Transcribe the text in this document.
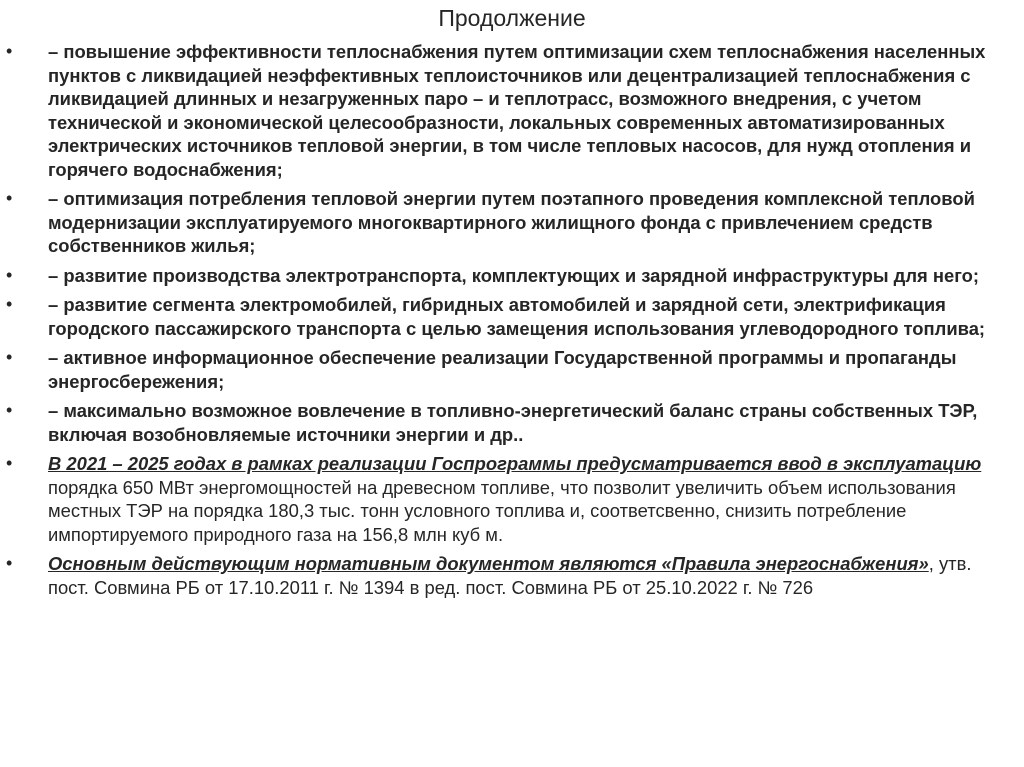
Продолжение
• – повышение эффективности теплоснабжения путем оптимизации схем теплоснабжения населенных пунктов с ликвидацией неэффективных теплоисточников или децентрализацией теплоснабжения с ликвидацией длинных и незагруженных паро – и теплотрасс, возможного внедрения, с учетом технической и экономической целесообразности, локальных современных автоматизированных электрических источников тепловой энергии, в том числе тепловых насосов, для нужд отопления и горячего водоснабжения;
• – оптимизация потребления тепловой энергии путем поэтапного проведения комплексной тепловой модернизации эксплуатируемого многоквартирного жилищного фонда с привлечением средств собственников жилья;
• – развитие производства электротранспорта, комплектующих и зарядной инфраструктуры для него;
• – развитие сегмента электромобилей, гибридных автомобилей и зарядной сети, электрификация городского пассажирского транспорта с целью замещения использования углеводородного топлива;
• – активное информационное обеспечение реализации Государственной программы и пропаганды энергосбережения;
• – максимально возможное вовлечение в топливно-энергетический баланс страны собственных ТЭР, включая возобновляемые источники энергии и др..
• В 2021 – 2025 годах в рамках реализации Госпрограммы предусматривается ввод в эксплуатацию порядка 650 МВт энергомощностей на древесном топливе, что позволит увеличить объем использования местных ТЭР на порядка 180,3 тыс. тонн условного топлива и, соответсвенно, снизить потребление импортируемого природного газа на 156,8 млн куб м.
• Основным действующим нормативным документом являются «Правила энергоснабжения», утв. пост. Совмина РБ от 17.10.2011 г. № 1394 в ред. пост. Совмина РБ от 25.10.2022 г. № 726
